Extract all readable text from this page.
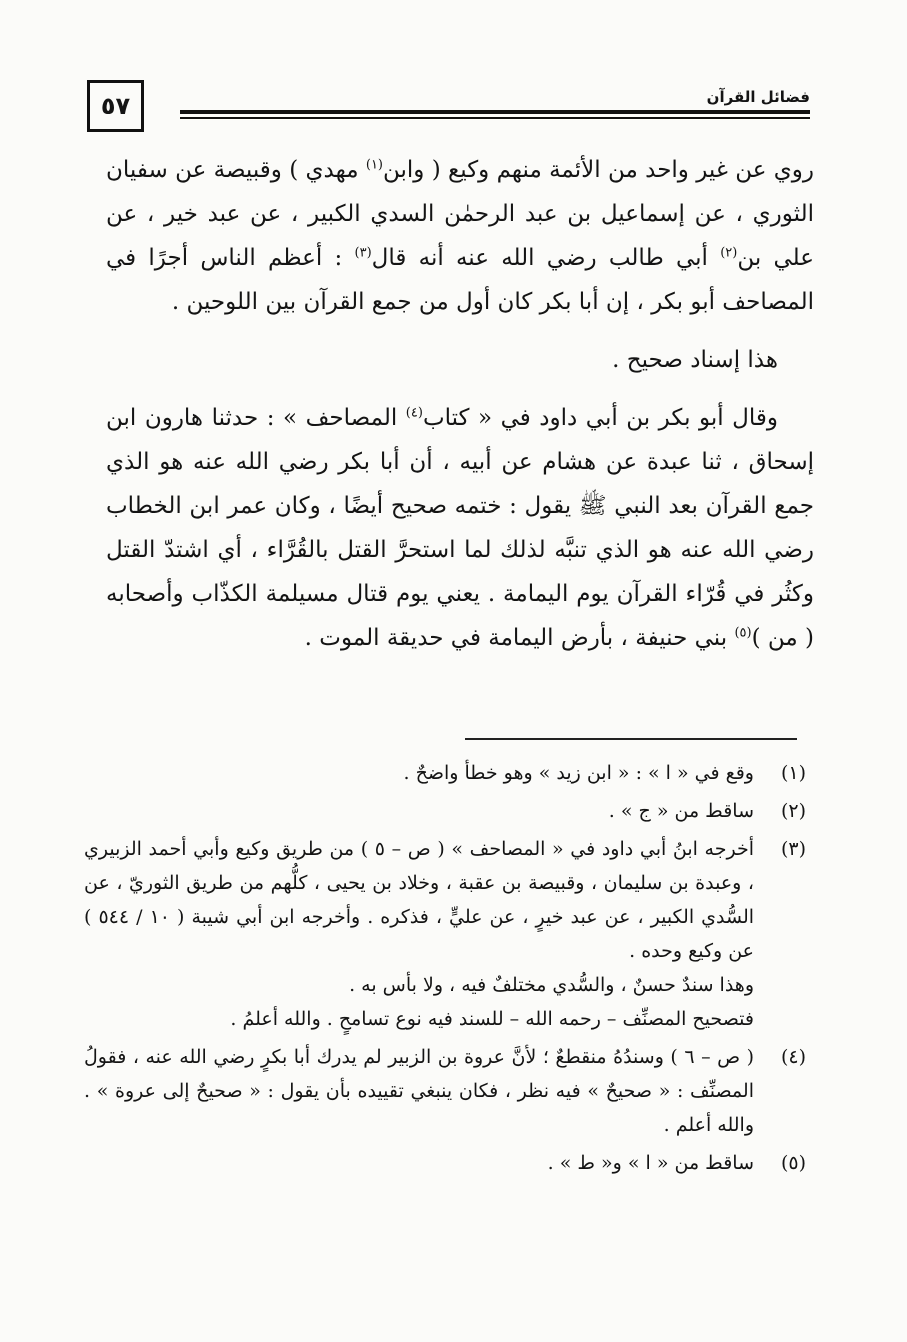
٥٧	فضائل القرآن

روي عن غير واحد من الأئمة منهم وكيع ( وابن$^{(١)}$ مهدي ) وقبيصة عن سفيان الثوري ، عن إسماعيل بن عبد الرحمٰن السدي الكبير ، عن عبد خير ، عن علي بن$^{(٢)}$ أبي طالب رضي الله عنه أنه قال$^{(٣)}$ : أعظم الناس أجرًا في المصاحف أبو بكر ، إن أبا بكر كان أول من جمع القرآن بين اللوحين .

هذا إسناد صحيح .

وقال أبو بكر بن أبي داود في « كتاب$^{(٤)}$ المصاحف » : حدثنا هارون ابن إسحاق ، ثنا عبدة عن هشام عن أبيه ، أن أبا بكر رضي الله عنه هو الذي جمع القرآن بعد النبي ﷺ يقول : ختمه صحيح أيضًا ، وكان عمر ابن الخطاب رضي الله عنه هو الذي تنبَّه لذلك لما استحرَّ القتل بالقُرَّاء ، أي اشتدّ القتل وكثُر في قُرّاء القرآن يوم اليمامة . يعني يوم قتال مسيلمة الكذّاب وأصحابه ( من )$^{(٥)}$ بني حنيفة ، بأرض اليمامة في حديقة الموت .

(١)
وقع في « ا » : « ابن زيد » وهو خطأ واضحٌ .
(٢)
ساقط من « ج » .
(٣)
أخرجه ابنُ أبي داود في « المصاحف » ( ص – ٥ ) من طريق وكيع وأبي أحمد الزبيري ، وعبدة بن سليمان ، وقبيصة بن عقبة ، وخلاد بن يحيى ، كلُّهم من طريق الثوريّ ، عن السُّدي الكبير ، عن عبد خيرٍ ، عن عليٍّ ، فذكره . وأخرجه ابن أبي شيبة ( ١٠ / ٥٤٤ ) عن وكيع وحده .
وهذا سندٌ حسنٌ ، والسُّدي مختلفٌ فيه ، ولا بأس به .
فتصحيح المصنِّف – رحمه الله – للسند فيه نوع تسامحٍ . والله أعلمُ .
(٤)
( ص – ٦ ) وسندُهُ منقطعٌ ؛ لأنَّ عروة بن الزبير لم يدرك أبا بكرٍ رضي الله عنه ، فقولُ المصنِّف : « صحيحٌ » فيه نظر ، فكان ينبغي تقييده بأن يقول : « صحيحٌ إلى عروة » . والله أعلم .
(٥)
ساقط من « ا » و« ط » .
